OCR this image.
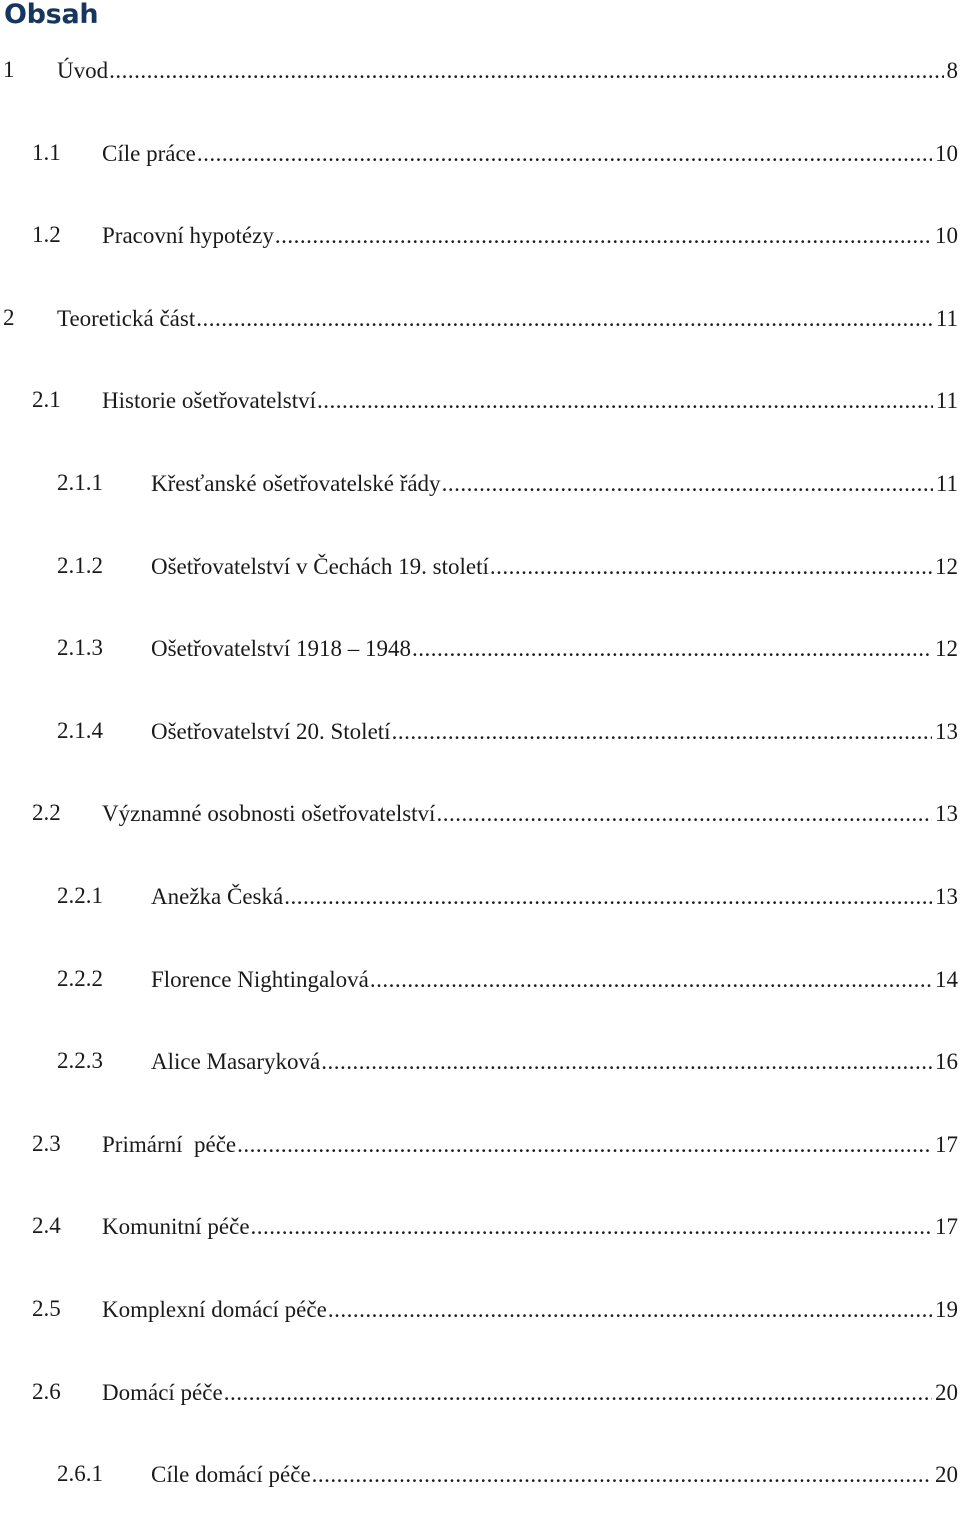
Obsah
1 Úvod .....	8
1.1 Cíle práce .....	10
1.2 Pracovní hypotézy .....	10
2 Teoretická část .....	11
2.1 Historie ošetřovatelství .....	11
2.1.1 Křesťanské ošetřovatelské řády .....	11
2.1.2 Ošetřovatelství v Čechách 19. století .....	12
2.1.3 Ošetřovatelství 1918 – 1948 .....	12
2.1.4 Ošetřovatelství 20. Století .....	13
2.2 Významné osobnosti ošetřovatelství .....	13
2.2.1 Anežka Česká .....	13
2.2.2 Florence Nightingalová .....	14
2.2.3 Alice Masaryková .....	16
2.3 Primární  péče .....	17
2.4 Komunitní péče .....	17
2.5 Komplexní domácí péče .....	19
2.6 Domácí péče .....	20
2.6.1 Cíle domácí péče .....	20
